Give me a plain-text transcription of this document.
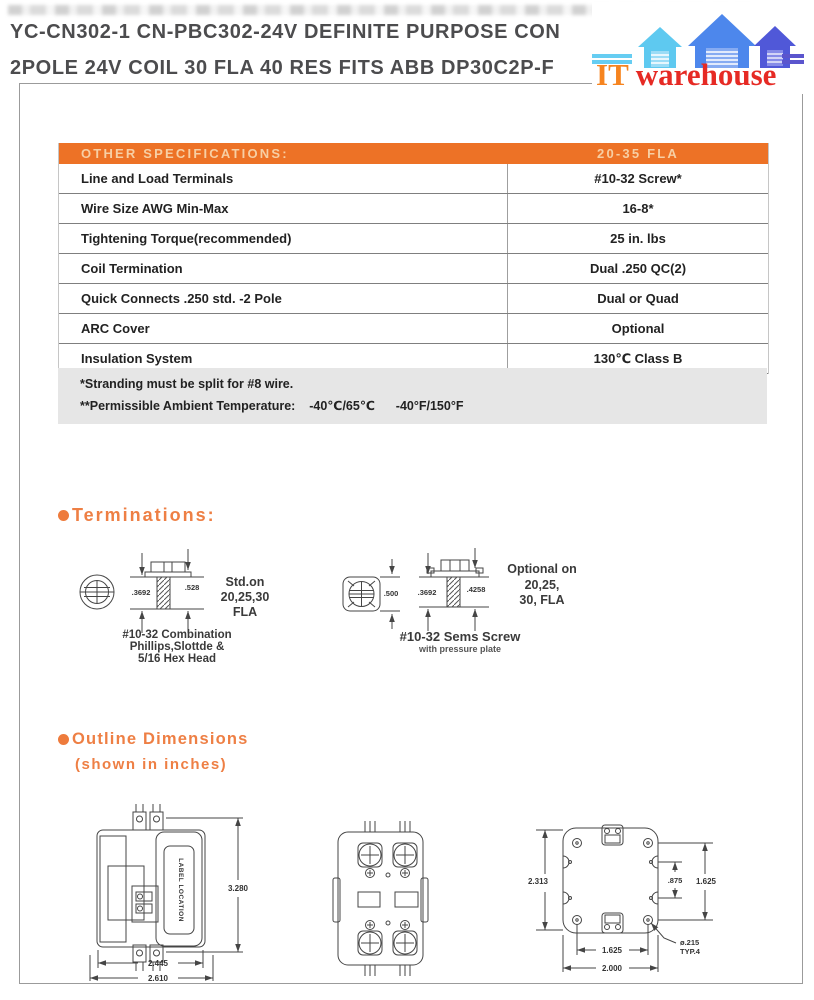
YC-CN302-1 CN-PBC302-24V DEFINITE PURPOSE CON
2POLE 24V COIL 30 FLA 40 RES FITS ABB DP30C2P-F	IT warehouse
OTHER SPECIFICATIONS:	20-35 FLA
Line and Load Terminals	#10-32 Screw*
Wire Size AWG Min-Max	16-8*
Tightening Torque(recommended)	25 in. lbs
Coil Termination	Dual .250 QC(2)
Quick Connects .250 std. -2 Pole	Dual or Quad
ARC Cover	Optional
Insulation System	130℃ Class B
*Stranding must be split for #8 wire.
**Permissible Ambient Temperature:    -40℃/65℃      -40°F/150°F
Terminations:
.3692
.528 Std.on
20,25,30
FLA
#10-32 Combination
Phillips,Slottde &
5/16 Hex Head
.500	.3692	.4258
Optional on
20,25,
30, FLA
#10-32 Sems Screw
with pressure plate
Outline Dimensions
(shown in inches)
LABEL LOCATION	3.280
2.445
2.610
2.313	.875 1.625
1.625
2.000
ø.215
TYP.4
